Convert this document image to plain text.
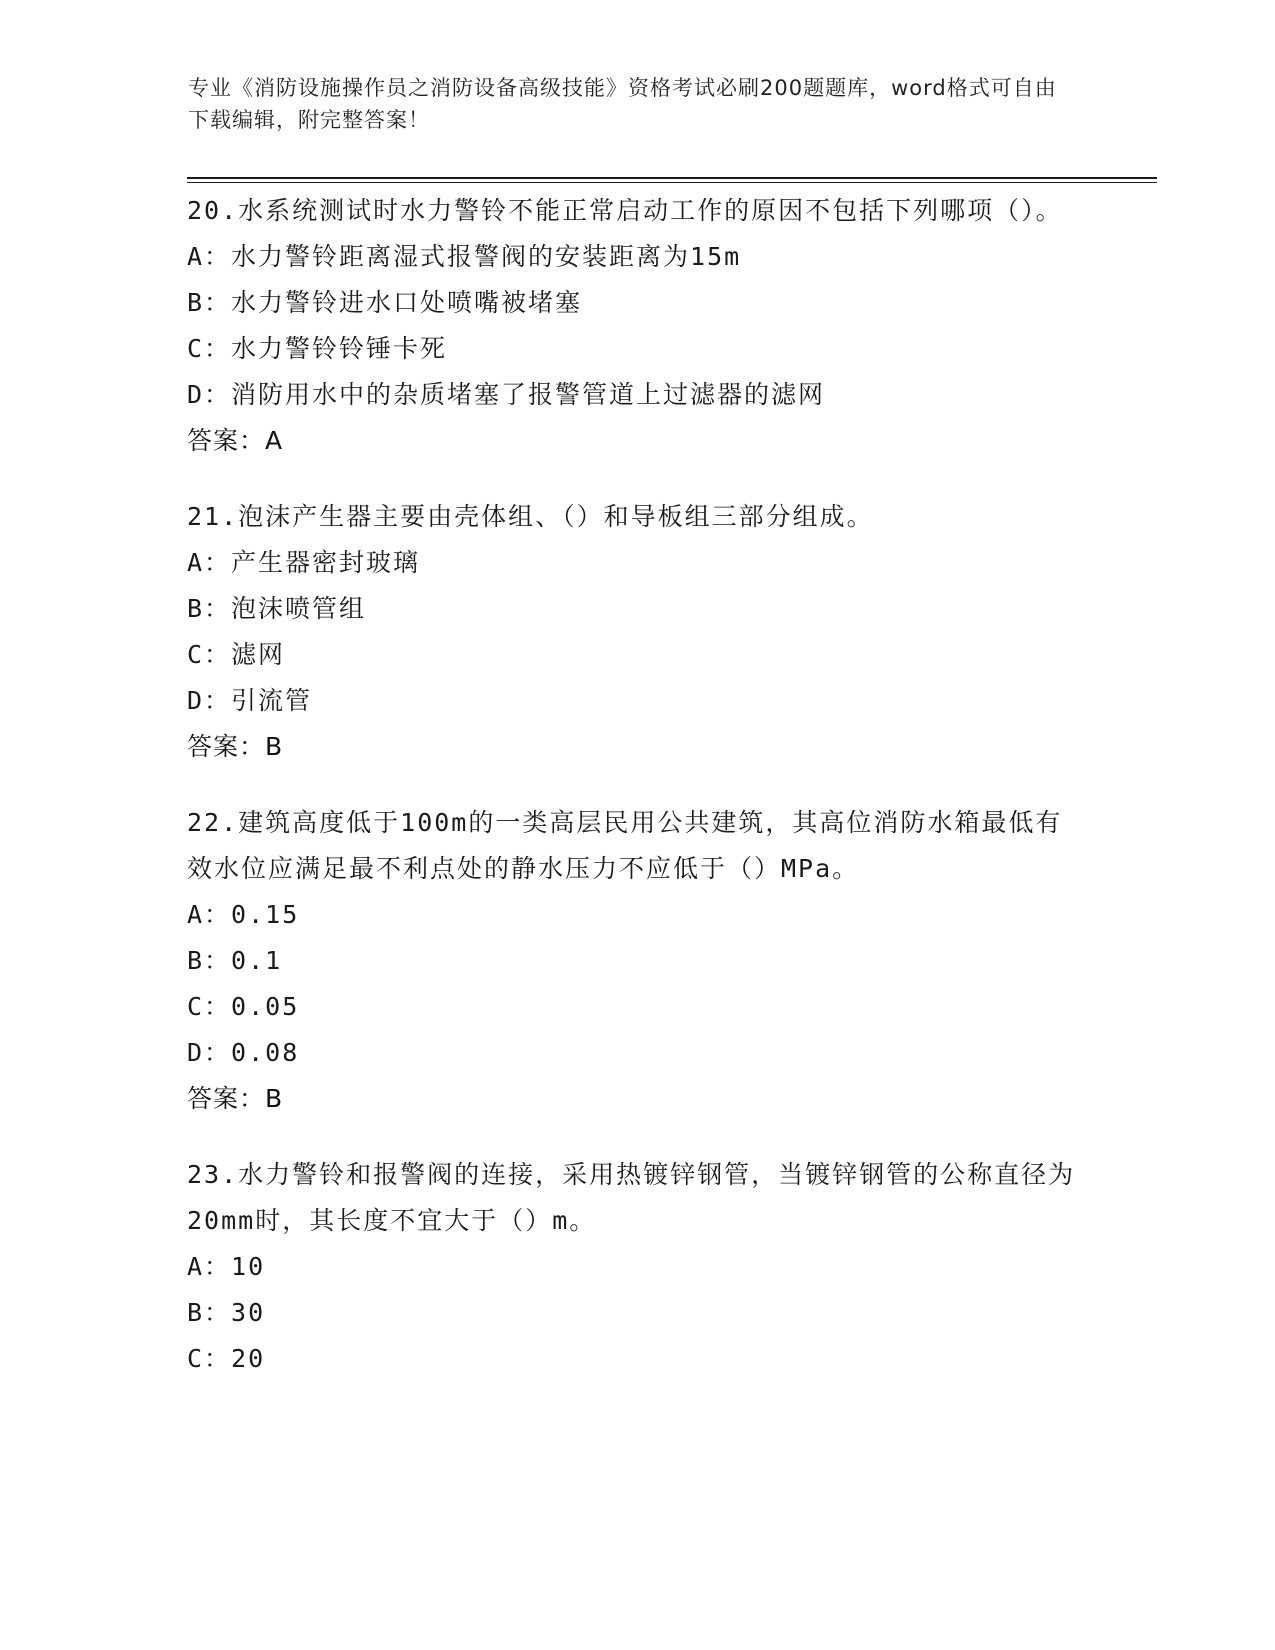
专业《消防设施操作员之消防设备高级技能》资格考试必刷200题题库，word格式可自由下载编辑，附完整答案！

20.水系统测试时水力警铃不能正常启动工作的原因不包括下列哪项（）。

A：水力警铃距离湿式报警阀的安装距离为15m

B：水力警铃进水口处喷嘴被堵塞

C：水力警铃铃锤卡死

D：消防用水中的杂质堵塞了报警管道上过滤器的滤网

答案：A

21.泡沫产生器主要由壳体组、（）和导板组三部分组成。

A：产生器密封玻璃

B：泡沫喷管组

C：滤网

D：引流管

答案：B

22.建筑高度低于100m的一类高层民用公共建筑，其高位消防水箱最低有效水位应满足最不利点处的静水压力不应低于（）MPa。

A：0.15

B：0.1

C：0.05

D：0.08

答案：B

23.水力警铃和报警阀的连接，采用热镀锌钢管，当镀锌钢管的公称直径为20mm时，其长度不宜大于（）m。

A：10

B：30

C：20
